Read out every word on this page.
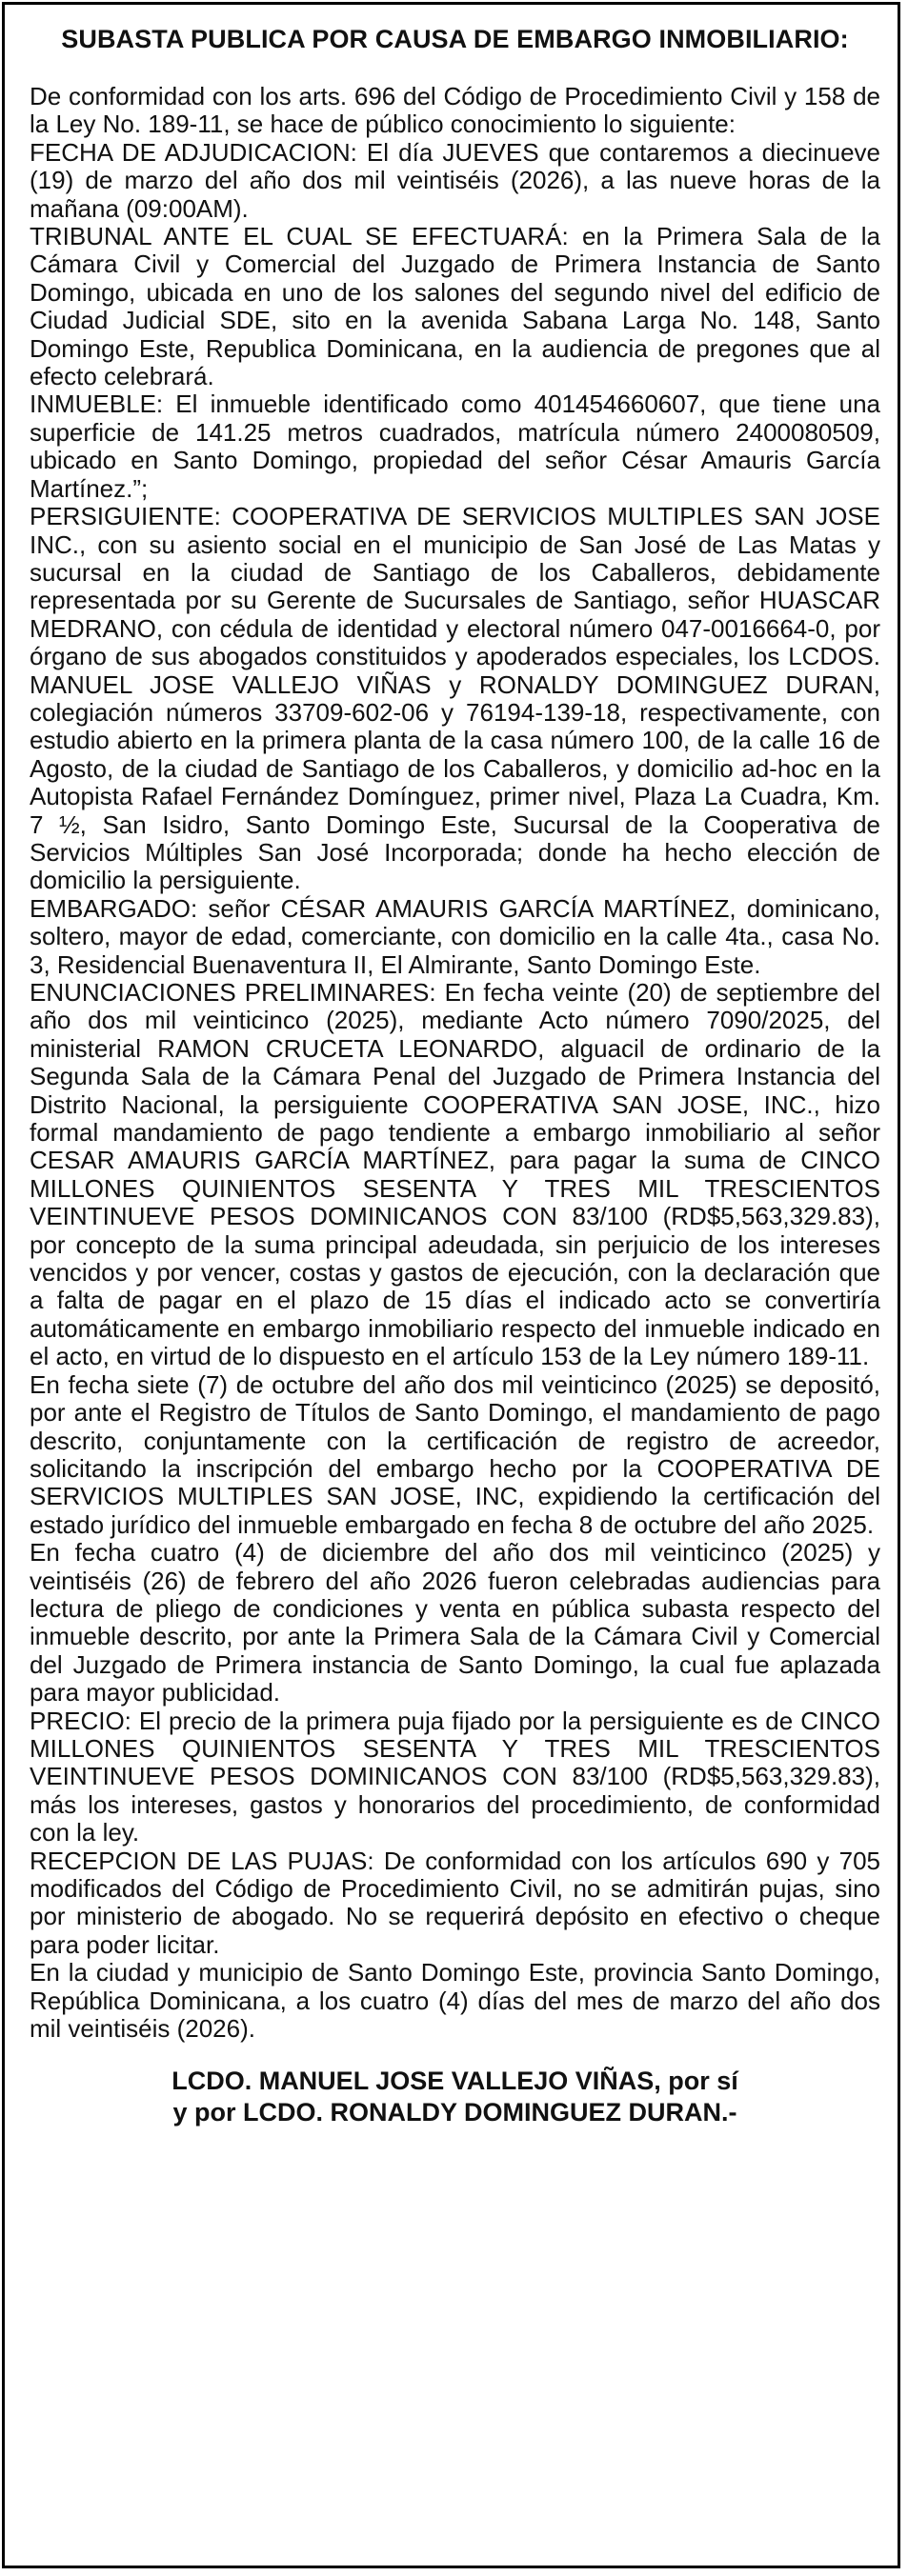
SUBASTA PUBLICA POR CAUSA DE EMBARGO INMOBILIARIO:

De conformidad con los arts. 696 del Código de Procedimiento Civil y 158 de la Ley No. 189-11, se hace de público conocimiento lo siguiente:

FECHA DE ADJUDICACION: El día JUEVES que contaremos a diecinueve (19) de marzo del año dos mil veintiséis (2026), a las nueve horas de la mañana (09:00AM).

TRIBUNAL ANTE EL CUAL SE EFECTUARÁ: en la Primera Sala de la Cámara Civil y Comercial del Juzgado de Primera Instancia de Santo Domingo, ubicada en uno de los salones del segundo nivel del edificio de Ciudad Judicial SDE, sito en la avenida Sabana Larga No. 148, Santo Domingo Este, Republica Dominicana, en la audiencia de pregones que al efecto celebrará.

INMUEBLE: El inmueble identificado como 401454660607, que tiene una superficie de 141.25 metros cuadrados, matrícula número 2400080509, ubicado en Santo Domingo, propiedad del señor César Amauris García Martínez.”;

PERSIGUIENTE: COOPERATIVA DE SERVICIOS MULTIPLES SAN JOSE INC., con su asiento social en el municipio de San José de Las Matas y sucursal en la ciudad de Santiago de los Caballeros, debidamente representada por su Gerente de Sucursales de Santiago, señor HUASCAR MEDRANO, con cédula de identidad y electoral número 047-0016664-0, por órgano de sus abogados constituidos y apoderados especiales, los LCDOS. MANUEL JOSE VALLEJO VIÑAS y RONALDY DOMINGUEZ DURAN, colegiación números 33709-602-06 y 76194-139-18, respectivamente, con estudio abierto en la primera planta de la casa número 100, de la calle 16 de Agosto, de la ciudad de Santiago de los Caballeros, y domicilio ad-hoc en la Autopista Rafael Fernández Domínguez, primer nivel, Plaza La Cuadra, Km. 7 ½, San Isidro, Santo Domingo Este, Sucursal de la Cooperativa de Servicios Múltiples San José Incorporada; donde ha hecho elección de domicilio la persiguiente.

EMBARGADO: señor CÉSAR AMAURIS GARCÍA MARTÍNEZ, dominicano, soltero, mayor de edad, comerciante, con domicilio en la calle 4ta., casa No. 3, Residencial Buenaventura II, El Almirante, Santo Domingo Este.

ENUNCIACIONES PRELIMINARES: En fecha veinte (20) de septiembre del año dos mil veinticinco (2025), mediante Acto número 7090/2025, del ministerial RAMON CRUCETA LEONARDO, alguacil de ordinario de la Segunda Sala de la Cámara Penal del Juzgado de Primera Instancia del Distrito Nacional, la persiguiente COOPERATIVA SAN JOSE, INC., hizo formal mandamiento de pago tendiente a embargo inmobiliario al señor CESAR AMAURIS GARCÍA MARTÍNEZ, para pagar la suma de CINCO MILLONES QUINIENTOS SESENTA Y TRES MIL TRESCIENTOS VEINTINUEVE PESOS DOMINICANOS CON 83/100 (RD$5,563,329.83), por concepto de la suma principal adeudada, sin perjuicio de los intereses vencidos y por vencer, costas y gastos de ejecución, con la declaración que a falta de pagar en el plazo de 15 días el indicado acto se convertiría automáticamente en embargo inmobiliario respecto del inmueble indicado en el acto, en virtud de lo dispuesto en el artículo 153 de la Ley número 189-11.

En fecha siete (7) de octubre del año dos mil veinticinco (2025) se depositó, por ante el Registro de Títulos de Santo Domingo, el mandamiento de pago descrito, conjuntamente con la certificación de registro de acreedor, solicitando la inscripción del embargo hecho por la COOPERATIVA DE SERVICIOS MULTIPLES SAN JOSE, INC, expidiendo la certificación del estado jurídico del inmueble embargado en fecha 8 de octubre del año 2025.

En fecha cuatro (4) de diciembre del año dos mil veinticinco (2025) y veintiséis (26) de febrero del año 2026 fueron celebradas audiencias para lectura de pliego de condiciones y venta en pública subasta respecto del inmueble descrito, por ante la Primera Sala de la Cámara Civil y Comercial del Juzgado de Primera instancia de Santo Domingo, la cual fue aplazada para mayor publicidad.

PRECIO: El precio de la primera puja fijado por la persiguiente es de CINCO MILLONES QUINIENTOS SESENTA Y TRES MIL TRESCIENTOS VEINTINUEVE PESOS DOMINICANOS CON 83/100 (RD$5,563,329.83), más los intereses, gastos y honorarios del procedimiento, de conformidad con la ley.

RECEPCION DE LAS PUJAS: De conformidad con los artículos 690 y 705 modificados del Código de Procedimiento Civil, no se admitirán pujas, sino por ministerio de abogado. No se requerirá depósito en efectivo o cheque para poder licitar.

En la ciudad y municipio de Santo Domingo Este, provincia Santo Domingo, República Dominicana, a los cuatro (4) días del mes de marzo del año dos mil veintiséis (2026).

LCDO. MANUEL JOSE VALLEJO VIÑAS, por sí
y por LCDO. RONALDY DOMINGUEZ DURAN.-
